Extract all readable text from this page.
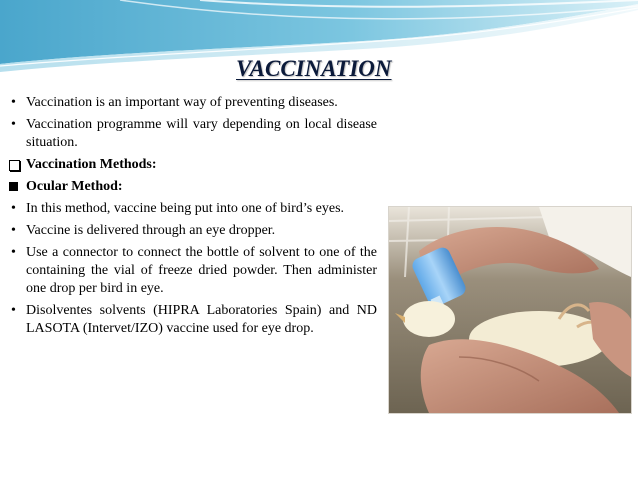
VACCINATION
• Vaccination is an important way of preventing diseases.
• Vaccination programme will vary depending on local disease situation.
Vaccination Methods:
Ocular Method:
• In this method, vaccine being put into one of bird’s eyes.
• Vaccine is delivered through an eye dropper.
• Use a connector to connect the bottle of solvent to one of the containing the vial of freeze dried powder. Then administer one drop per bird in eye.
• Disolventes solvents (HIPRA Laboratories Spain) and ND LASOTA (Intervet/IZO) vaccine used for eye drop.
